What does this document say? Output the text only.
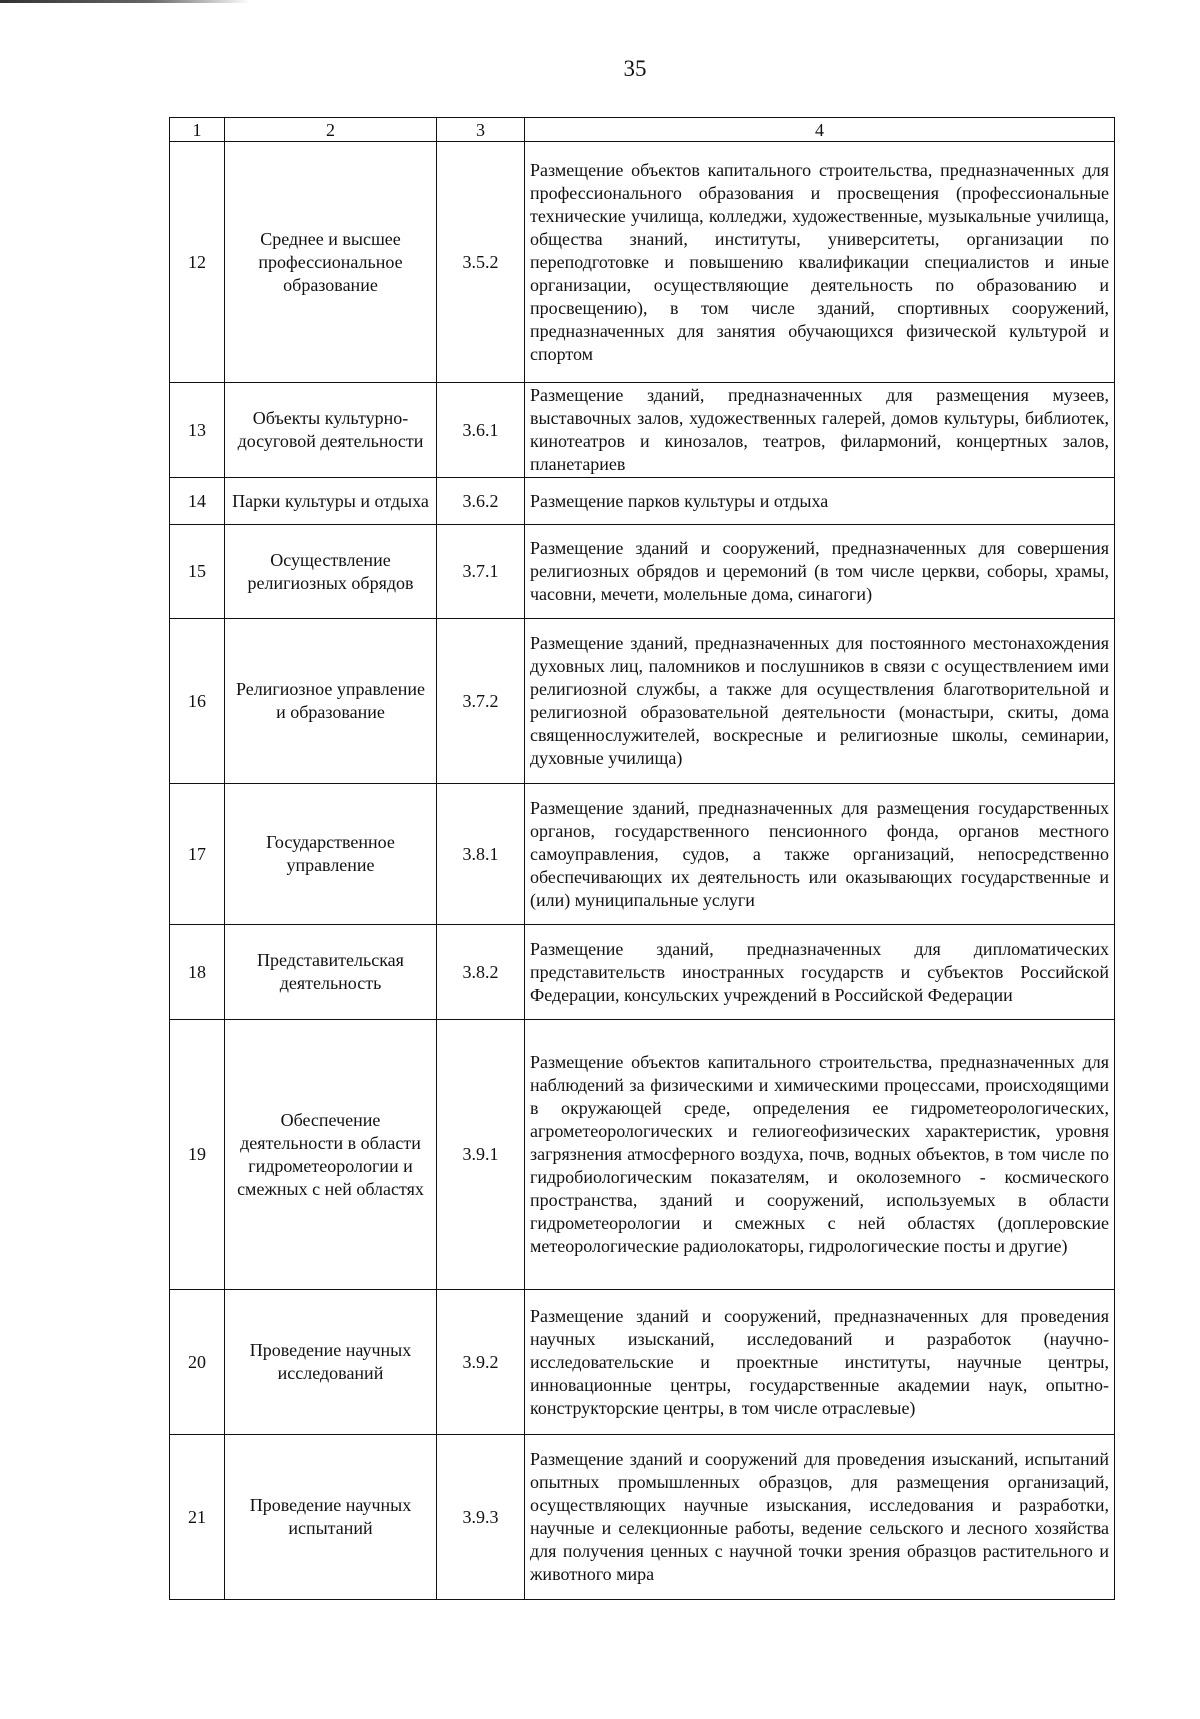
35
1	2	3	4
12	Среднее и высшее профессиональное образование	3.5.2	Размещение объектов капитального строительства, предназначенных для профессионального образования и просвещения (профессиональные технические училища, колледжи, художественные, музыкальные училища, общества знаний, институты, университеты, организации по переподготовке и повышению квалификации специалистов и иные организации, осуществляющие деятельность по образованию и просвещению), в том числе зданий, спортивных сооружений, предназначенных для занятия обучающихся физической культурой и спортом
13	Объекты культурно-досуговой деятельности	3.6.1	Размещение зданий, предназначенных для размещения музеев, выставочных залов, художественных галерей, домов культуры, библиотек, кинотеатров и кинозалов, театров, филармоний, концертных залов, планетариев
14	Парки культуры и отдыха	3.6.2	Размещение парков культуры и отдыха
15	Осуществление религиозных обрядов	3.7.1	Размещение зданий и сооружений, предназначенных для совершения религиозных обрядов и церемоний (в том числе церкви, соборы, храмы, часовни, мечети, молельные дома, синагоги)
16	Религиозное управление и образование	3.7.2	Размещение зданий, предназначенных для постоянного местонахождения духовных лиц, паломников и послушников в связи с осуществлением ими религиозной службы, а также для осуществления благотворительной и религиозной образовательной деятельности (монастыри, скиты, дома священнослужителей, воскресные и религиозные школы, семинарии, духовные училища)
17	Государственное управление	3.8.1	Размещение зданий, предназначенных для размещения государственных органов, государственного пенсионного фонда, органов местного самоуправления, судов, а также организаций, непосредственно обеспечивающих их деятельность или оказывающих государственные и (или) муниципальные услуги
18	Представительская деятельность	3.8.2	Размещение зданий, предназначенных для дипломатических представительств иностранных государств и субъектов Российской Федерации, консульских учреждений в Российской Федерации
19	Обеспечение деятельности в области гидрометеорологии и смежных с ней областях	3.9.1	Размещение объектов капитального строительства, предназначенных для наблюдений за физическими и химическими процессами, происходящими в окружающей среде, определения ее гидрометеорологических, агрометеорологических и гелиогеофизических характеристик, уровня загрязнения атмосферного воздуха, почв, водных объектов, в том числе по гидробиологическим показателям, и околоземного - космического пространства, зданий и сооружений, используемых в области гидрометеорологии и смежных с ней областях (доплеровские метеорологические радиолокаторы, гидрологические посты и другие)
20	Проведение научных исследований	3.9.2	Размещение зданий и сооружений, предназначенных для проведения научных изысканий, исследований и разработок (научно-исследовательские и проектные институты, научные центры, инновационные центры, государственные академии наук, опытно-конструкторские центры, в том числе отраслевые)
21	Проведение научных испытаний	3.9.3	Размещение зданий и сооружений для проведения изысканий, испытаний опытных промышленных образцов, для размещения организаций, осуществляющих научные изыскания, исследования и разработки, научные и селекционные работы, ведение сельского и лесного хозяйства для получения ценных с научной точки зрения образцов растительного и животного мира
